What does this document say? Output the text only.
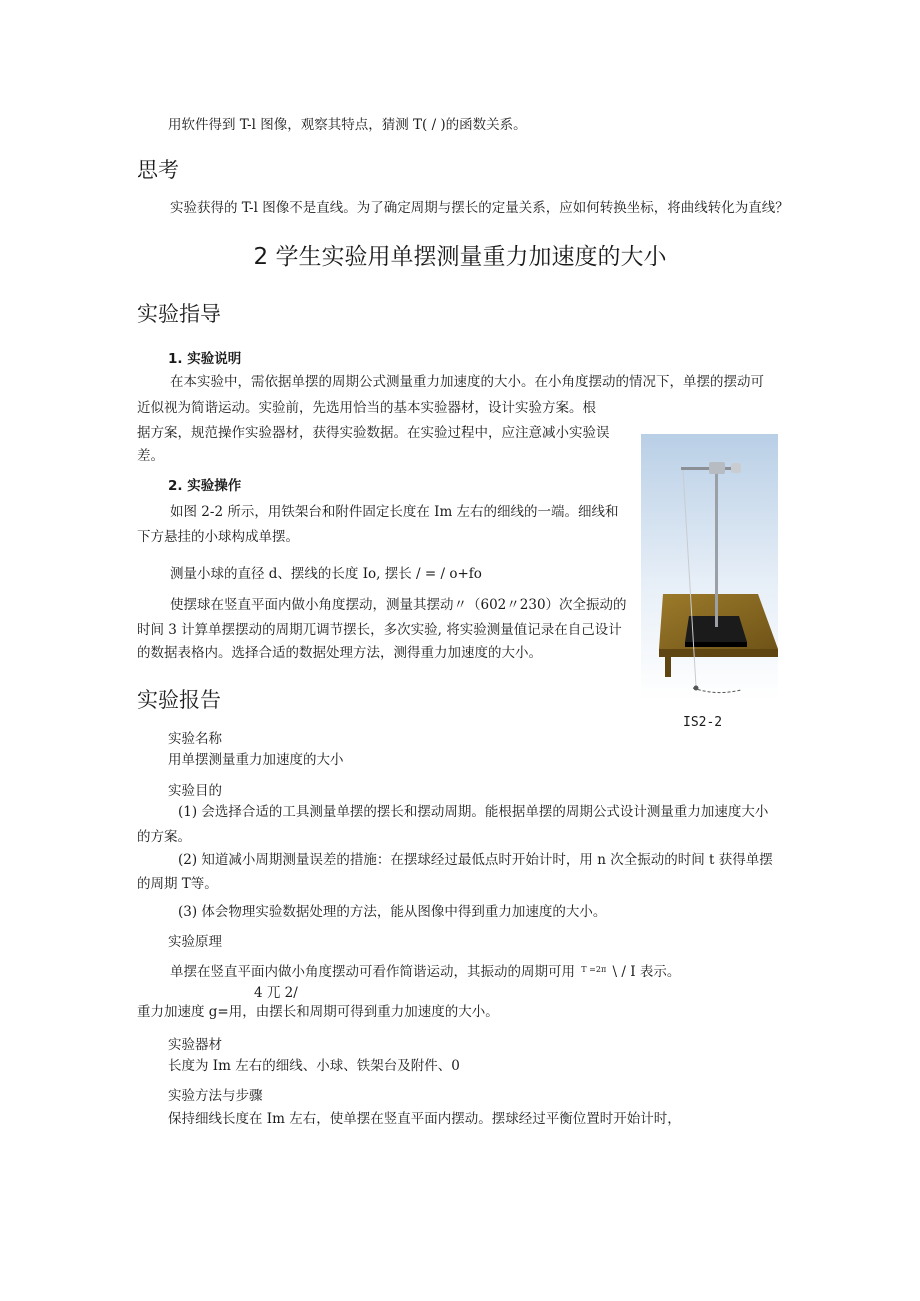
用软件得到 T-l 图像，观察其特点，猜测 T( / )的函数关系。
思考
实验获得的 T-l 图像不是直线。为了确定周期与摆长的定量关系，应如何转换坐标，将曲线转化为直线？
2 学生实验用单摆测量重力加速度的大小
实验指导
1. 实验说明
在本实验中，需依据单摆的周期公式测量重力加速度的大小。在小角度摆动的情况下，单摆的摆动可
近似视为简谐运动。实验前，先选用恰当的基本实验器材，设计实验方案。根
据方案，规范操作实验器材，获得实验数据。在实验过程中，应注意减小实验误
差。
2. 实验操作
如图 2-2 所示，用铁架台和附件固定长度在 Im 左右的细线的一端。细线和
下方悬挂的小球构成单摆。
测量小球的直径 d、摆线的长度 Io, 摆长 / = / o+fo
使摆球在竖直平面内做小角度摆动，测量其摆动〃（602〃230）次全振动的
时间 3 计算单摆摆动的周期兀调节摆长，多次实验, 将实验测量值记录在自己设计
的数据表格内。选择合适的数据处理方法，测得重力加速度的大小。
IS2-2
实验报告
实验名称
用单摆测量重力加速度的大小
实验目的
(1) 会选择合适的工具测量单摆的摆长和摆动周期。能根据单摆的周期公式设计测量重力加速度大小
的方案。
(2) 知道减小周期测量误差的措施：在摆球经过最低点时开始计时，用 n 次全振动的时间 t 获得单摆
的周期 T等。
(3) 体会物理实验数据处理的方法，能从图像中得到重力加速度的大小。
实验原理
单摆在竖直平面内做小角度摆动可看作简谐运动，其振动的周期可用 $^{T =2\pi}$ \ / I 表示。
4 兀 2/
重力加速度 g=用，由摆长和周期可得到重力加速度的大小。
实验器材
长度为 Im 左右的细线、小球、铁架台及附件、0
实验方法与步骤
保持细线长度在 Im 左右，使单摆在竖直平面内摆动。摆球经过平衡位置时开始计时，
